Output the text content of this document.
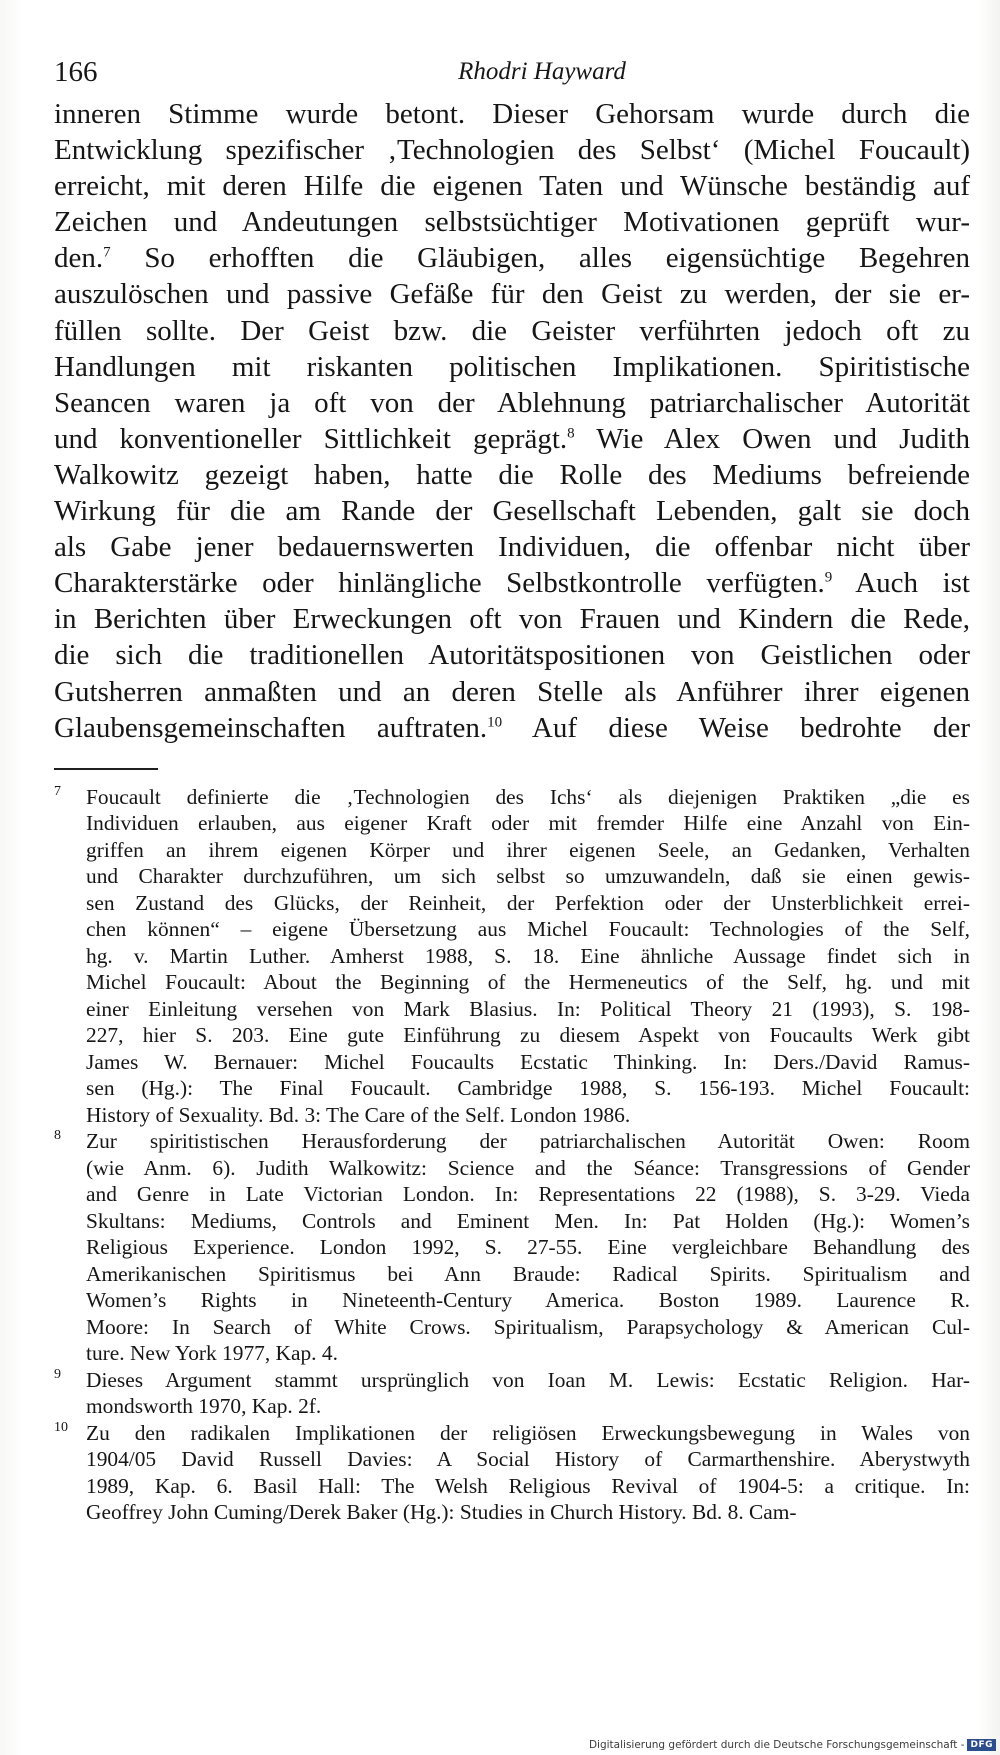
166	Rhodri Hayward
inneren Stimme wurde betont. Dieser Gehorsam wurde durch die
Entwicklung spezifischer ‚Technologien des Selbst‘ (Michel Foucault)
erreicht, mit deren Hilfe die eigenen Taten und Wünsche beständig auf
Zeichen und Andeutungen selbstsüchtiger Motivationen geprüft wur-
den.$^7$ So erhofften die Gläubigen, alles eigensüchtige Begehren
auszulöschen und passive Gefäße für den Geist zu werden, der sie er-
füllen sollte. Der Geist bzw. die Geister verführten jedoch oft zu
Handlungen mit riskanten politischen Implikationen. Spiritistische
Seancen waren ja oft von der Ablehnung patriarchalischer Autorität
und konventioneller Sittlichkeit geprägt.$^8$ Wie Alex Owen und Judith
Walkowitz gezeigt haben, hatte die Rolle des Mediums befreiende
Wirkung für die am Rande der Gesellschaft Lebenden, galt sie doch
als Gabe jener bedauernswerten Individuen, die offenbar nicht über
Charakterstärke oder hinlängliche Selbstkontrolle verfügten.$^9$ Auch ist
in Berichten über Erweckungen oft von Frauen und Kindern die Rede,
die sich die traditionellen Autoritätspositionen von Geistlichen oder
Gutsherren anmaßten und an deren Stelle als Anführer ihrer eigenen
Glaubensgemeinschaften auftraten.$^{10}$ Auf diese Weise bedrohte der
7 Foucault definierte die ‚Technologien des Ichs‘ als diejenigen Praktiken „die es
Individuen erlauben, aus eigener Kraft oder mit fremder Hilfe eine Anzahl von Ein-
griffen an ihrem eigenen Körper und ihrer eigenen Seele, an Gedanken, Verhalten
und Charakter durchzuführen, um sich selbst so umzuwandeln, daß sie einen gewis-
sen Zustand des Glücks, der Reinheit, der Perfektion oder der Unsterblichkeit errei-
chen können“ – eigene Übersetzung aus Michel Foucault: Technologies of the Self,
hg. v. Martin Luther. Amherst 1988, S. 18. Eine ähnliche Aussage findet sich in
Michel Foucault: About the Beginning of the Hermeneutics of the Self, hg. und mit
einer Einleitung versehen von Mark Blasius. In: Political Theory 21 (1993), S. 198-
227, hier S. 203. Eine gute Einführung zu diesem Aspekt von Foucaults Werk gibt
James W. Bernauer: Michel Foucaults Ecstatic Thinking. In: Ders./David Ramus-
sen (Hg.): The Final Foucault. Cambridge 1988, S. 156-193. Michel Foucault:
History of Sexuality. Bd. 3: The Care of the Self. London 1986.
8 Zur spiritistischen Herausforderung der patriarchalischen Autorität Owen: Room
(wie Anm. 6). Judith Walkowitz: Science and the Séance: Transgressions of Gender
and Genre in Late Victorian London. In: Representations 22 (1988), S. 3-29. Vieda
Skultans: Mediums, Controls and Eminent Men. In: Pat Holden (Hg.): Women’s
Religious Experience. London 1992, S. 27-55. Eine vergleichbare Behandlung des
Amerikanischen Spiritismus bei Ann Braude: Radical Spirits. Spiritualism and
Women’s Rights in Nineteenth-Century America. Boston 1989. Laurence R.
Moore: In Search of White Crows. Spiritualism, Parapsychology & American Cul-
ture. New York 1977, Kap. 4.
9 Dieses Argument stammt ursprünglich von Ioan M. Lewis: Ecstatic Religion. Har-
mondsworth 1970, Kap. 2f.
10 Zu den radikalen Implikationen der religiösen Erweckungsbewegung in Wales von
1904/05 David Russell Davies: A Social History of Carmarthenshire. Aberystwyth
1989, Kap. 6. Basil Hall: The Welsh Religious Revival of 1904-5: a critique. In:
Geoffrey John Cuming/Derek Baker (Hg.): Studies in Church History. Bd. 8. Cam-
Digitalisierung gefördert durch die Deutsche Forschungsgemeinschaft - DFG
